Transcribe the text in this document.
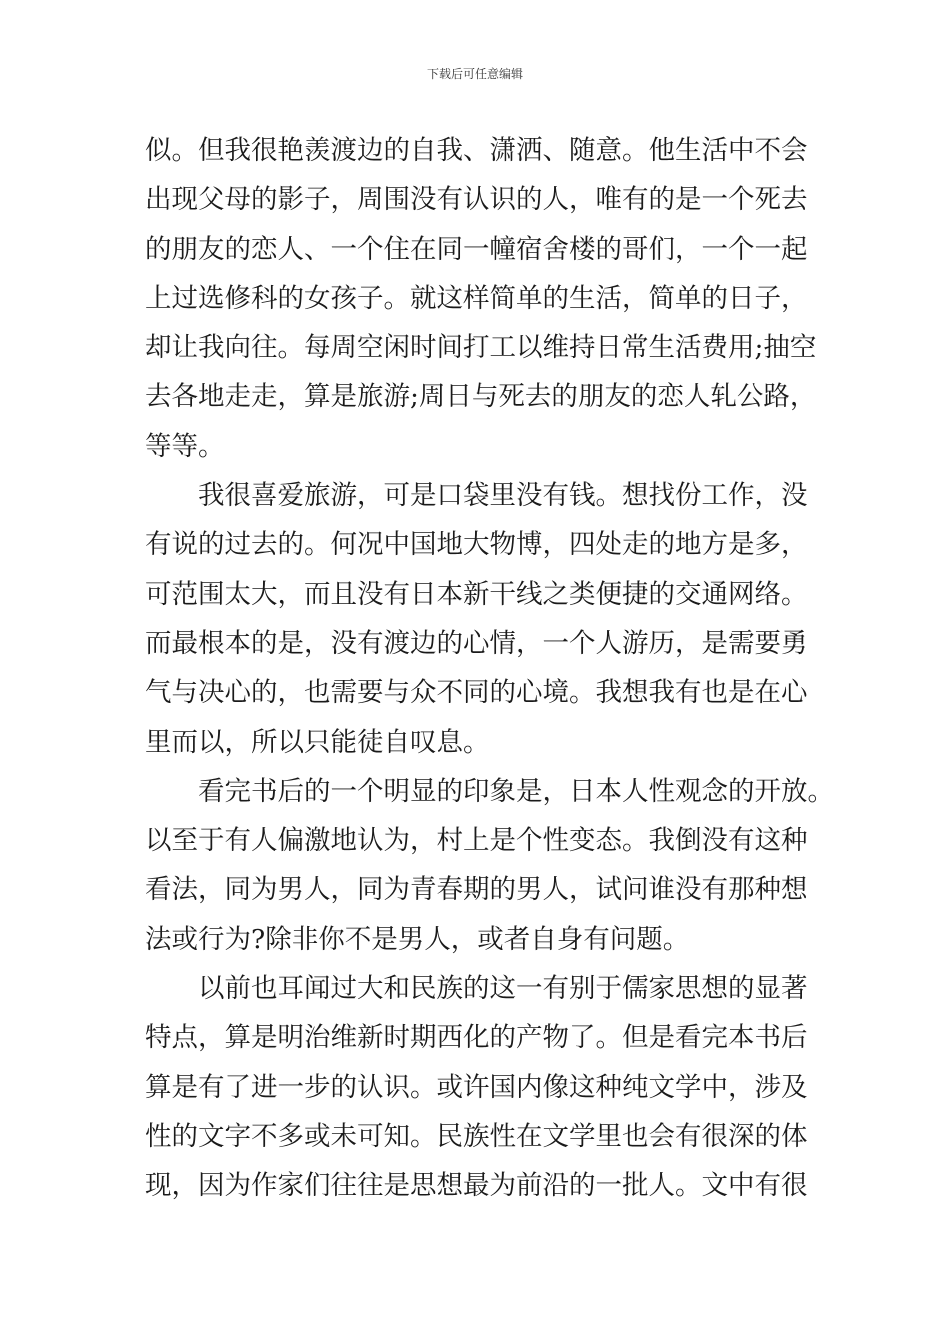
下载后可任意编辑
似。但我很艳羡渡边的自我、潇洒、随意。他生活中不会
出现父母的影子，周围没有认识的人，唯有的是一个死去
的朋友的恋人、一个住在同一幢宿舍楼的哥们，一个一起
上过选修科的女孩子。就这样简单的生活，简单的日子，
却让我向往。每周空闲时间打工以维持日常生活费用;抽空
去各地走走，算是旅游;周日与死去的朋友的恋人轧公路，
等等。
我很喜爱旅游，可是口袋里没有钱。想找份工作，没
有说的过去的。何况中国地大物博，四处走的地方是多，
可范围太大，而且没有日本新干线之类便捷的交通网络。
而最根本的是，没有渡边的心情，一个人游历，是需要勇
气与决心的，也需要与众不同的心境。我想我有也是在心
里而以，所以只能徒自叹息。
看完书后的一个明显的印象是，日本人性观念的开放。
以至于有人偏激地认为，村上是个性变态。我倒没有这种
看法，同为男人，同为青春期的男人，试问谁没有那种想
法或行为?除非你不是男人，或者自身有问题。
以前也耳闻过大和民族的这一有别于儒家思想的显著
特点，算是明治维新时期西化的产物了。但是看完本书后
算是有了进一步的认识。或许国内像这种纯文学中，涉及
性的文字不多或未可知。民族性在文学里也会有很深的体
现，因为作家们往往是思想最为前沿的一批人。文中有很
